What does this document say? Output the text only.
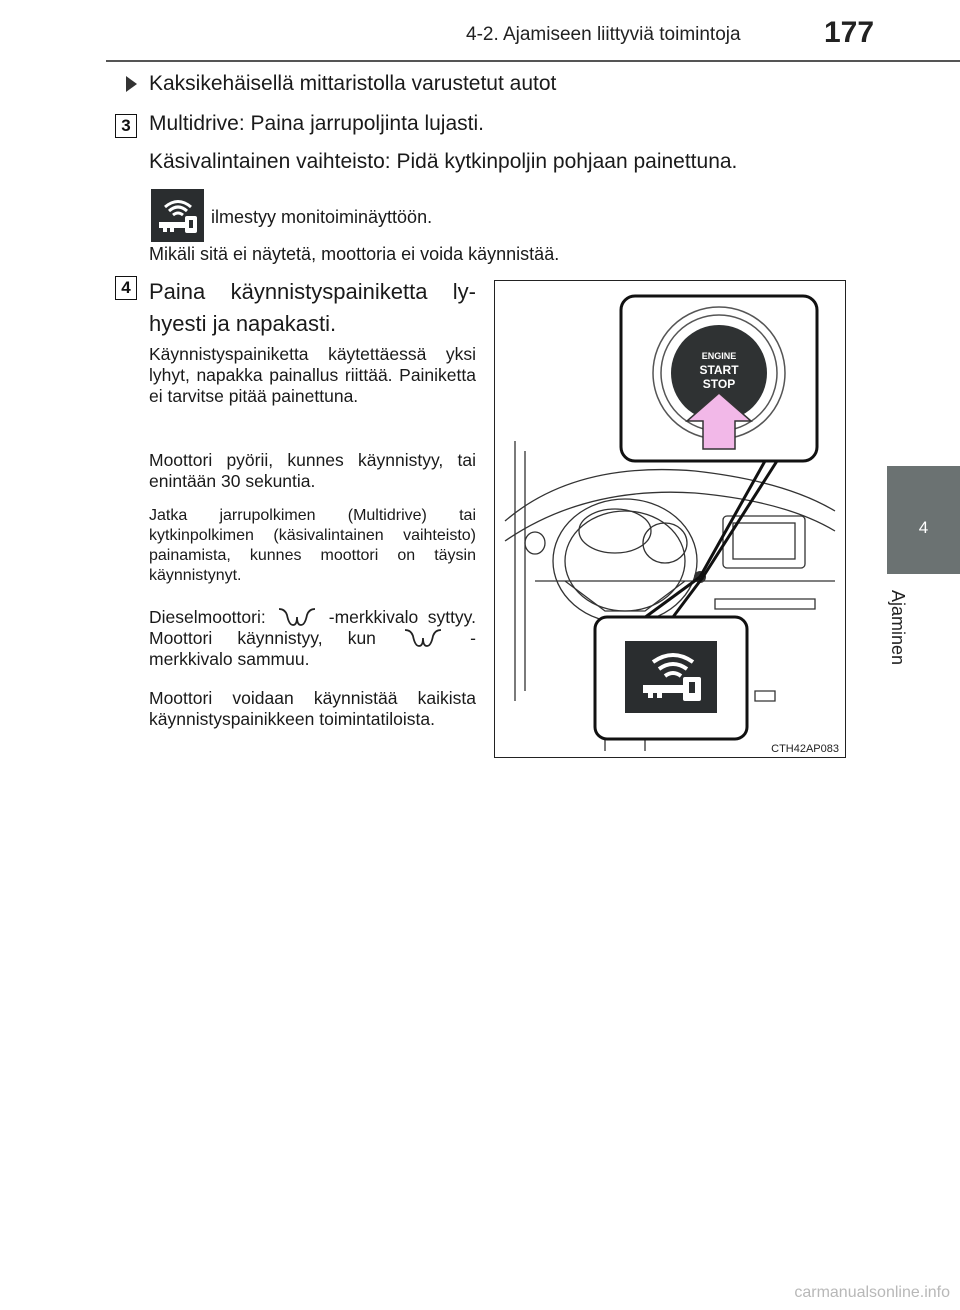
4-2. Ajamiseen liittyviä toimintoja	177
4
Ajaminen
Kaksikehäisellä mittaristolla varustetut autot
3 Multidrive: Paina jarrupoljinta lujasti.
Käsivalintainen vaihteisto: Pidä kytkinpoljin pohjaan painettuna.
ilmestyy monitoiminäyttöön.
Mikäli sitä ei näytetä, moottoria ei voida käynnistää.
4 Paina käynnistyspainiketta lyhyesti ja napakasti.
Käynnistyspainiketta käytettäessä yksi lyhyt, napakka painallus riittää. Painiketta ei tarvitse pitää painettuna.
Moottori pyörii, kunnes käynnistyy, tai enintään 30 sekuntia.
Jatka jarrupolkimen (Multidrive) tai kytkinpolkimen (käsivalintainen vaihteisto) painamista, kunnes moottori on täysin käynnistynyt.
Dieselmoottori:	-merkkivalo syttyy. Moottori käynnistyy, kun	-merkkivalo sammuu.
Moottori voidaan käynnistää kaikista käynnistyspainikkeen toimintatiloista.
ENGINE
START
STOP
CTH42AP083
carmanualsonline.info
